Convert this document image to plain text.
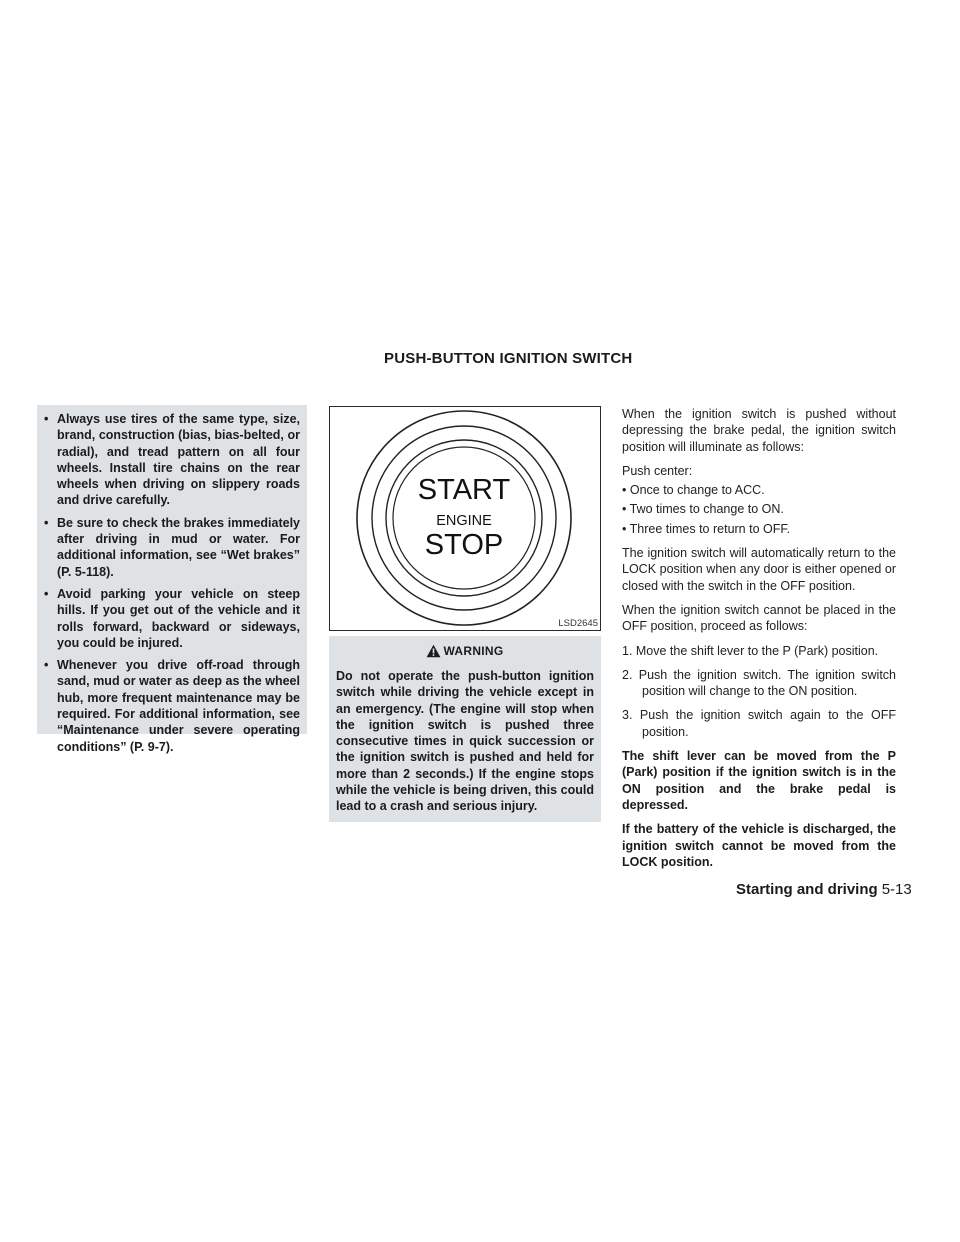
PUSH-BUTTON IGNITION SWITCH
• Always use tires of the same type, size, brand, construction (bias, bias-belted, or radial), and tread pattern on all four wheels. Install tire chains on the rear wheels when driving on slippery roads and drive carefully.
• Be sure to check the brakes immediately after driving in mud or water. For additional information, see “Wet brakes” (P. 5-118).
• Avoid parking your vehicle on steep hills. If you get out of the vehicle and it rolls forward, backward or sideways, you could be injured.
• Whenever you drive off-road through sand, mud or water as deep as the wheel hub, more frequent maintenance may be required. For additional information, see “Maintenance under severe operating conditions” (P. 9-7).
START
ENGINE
STOP
LSD2645
WARNING
Do not operate the push-button ignition switch while driving the vehicle except in an emergency. (The engine will stop when the ignition switch is pushed three consecutive times in quick succession or the ignition switch is pushed and held for more than 2 seconds.) If the engine stops while the vehicle is being driven, this could lead to a crash and serious injury.

When the ignition switch is pushed without depressing the brake pedal, the ignition switch position will illuminate as follows:

Push center:

• Once to change to ACC.

• Two times to change to ON.

• Three times to return to OFF.

The ignition switch will automatically return to the LOCK position when any door is either opened or closed with the switch in the OFF position.

When the ignition switch cannot be placed in the OFF position, proceed as follows:

1. Move the shift lever to the P (Park) position.

2. Push the ignition switch. The ignition switch position will change to the ON position.

3. Push the ignition switch again to the OFF position.

The shift lever can be moved from the P (Park) position if the ignition switch is in the ON position and the brake pedal is depressed.

If the battery of the vehicle is discharged, the ignition switch cannot be moved from the LOCK position.

Starting and driving 5-13
